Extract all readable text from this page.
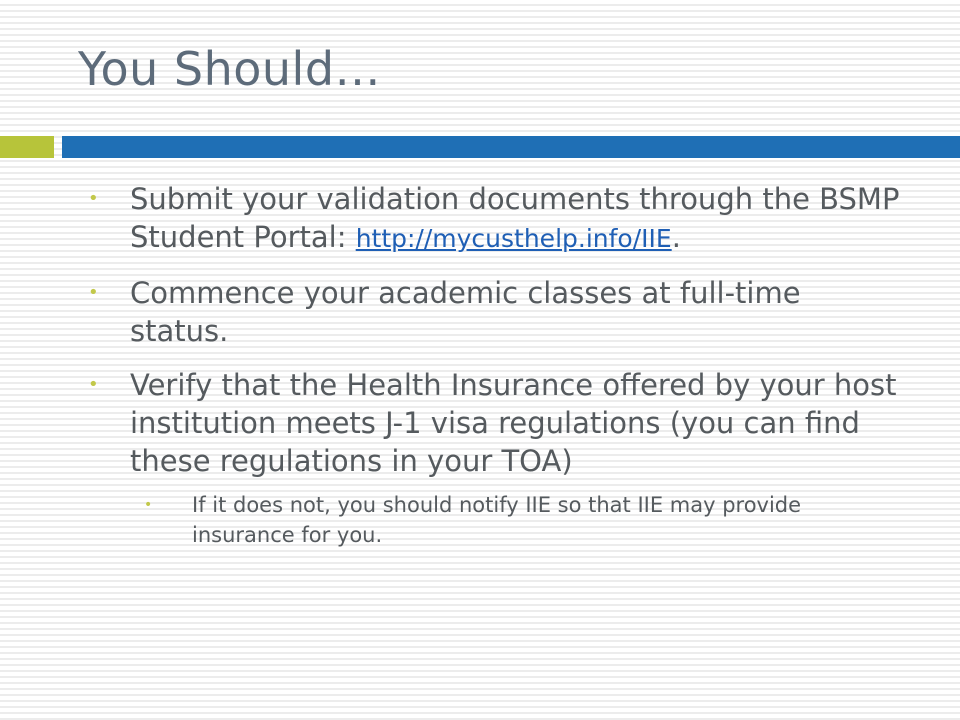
You Should…
• Submit your validation documents through the BSMP Student Portal: http://mycusthelp.info/IIE.
• Commence your academic classes at full-time status.
• Verify that the Health Insurance offered by your host institution meets J-1 visa regulations (you can find these regulations in your TOA)
• If it does not, you should notify IIE so that IIE may provide insurance for you.
